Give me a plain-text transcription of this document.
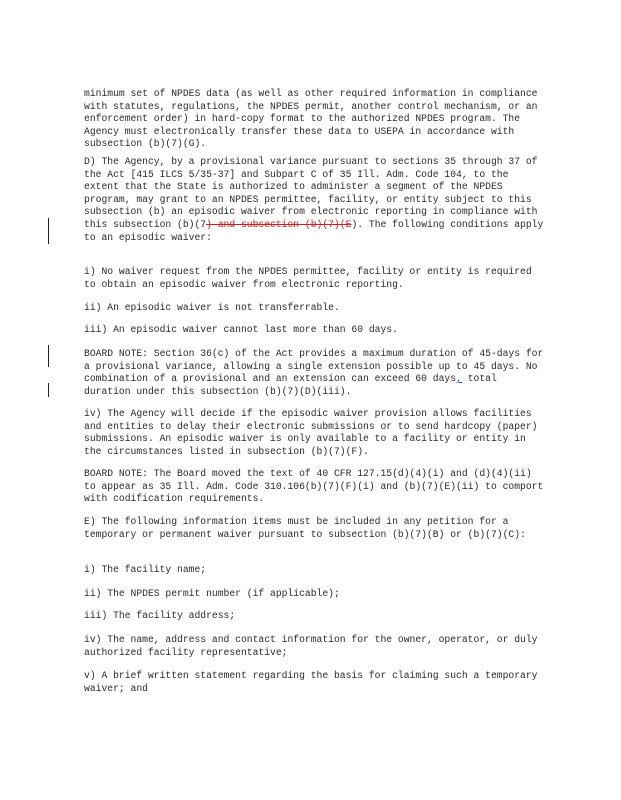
minimum set of NPDES data (as well as other required information in compliance with statutes, regulations, the NPDES permit, another control mechanism, or an enforcement order) in hard-copy format to the authorized NPDES program. The Agency must electronically transfer these data to USEPA in accordance with subsection (b)(7)(G).

D) The Agency, by a provisional variance pursuant to sections 35 through 37 of the Act [415 ILCS 5/35-37] and Subpart C of 35 Ill. Adm. Code 104, to the extent that the State is authorized to administer a segment of the NPDES program, may grant to an NPDES permittee, facility, or entity subject to this subsection (b) an episodic waiver from electronic reporting in compliance with this subsection (b)(7) and subsection (b)(7)(E). The following conditions apply to an episodic waiver:

i) No waiver request from the NPDES permittee, facility or entity is required to obtain an episodic waiver from electronic reporting.

ii) An episodic waiver is not transferrable.

iii) An episodic waiver cannot last more than 60 days.

BOARD NOTE: Section 36(c) of the Act provides a maximum duration of 45-days for a provisional variance, allowing a single extension possible up to 45 days. No combination of a provisional and an extension can exceed 60 days, total duration under this subsection (b)(7)(D)(iii).

iv) The Agency will decide if the episodic waiver provision allows facilities and entities to delay their electronic submissions or to send hardcopy (paper) submissions. An episodic waiver is only available to a facility or entity in the circumstances listed in subsection (b)(7)(F).

BOARD NOTE: The Board moved the text of 40 CFR 127.15(d)(4)(i) and (d)(4)(ii) to appear as 35 Ill. Adm. Code 310.106(b)(7)(F)(i) and (b)(7)(E)(ii) to comport with codification requirements.

E) The following information items must be included in any petition for a temporary or permanent waiver pursuant to subsection (b)(7)(B) or (b)(7)(C):

i) The facility name;

ii) The NPDES permit number (if applicable);

iii) The facility address;

iv) The name, address and contact information for the owner, operator, or duly authorized facility representative;

v) A brief written statement regarding the basis for claiming such a temporary waiver; and
